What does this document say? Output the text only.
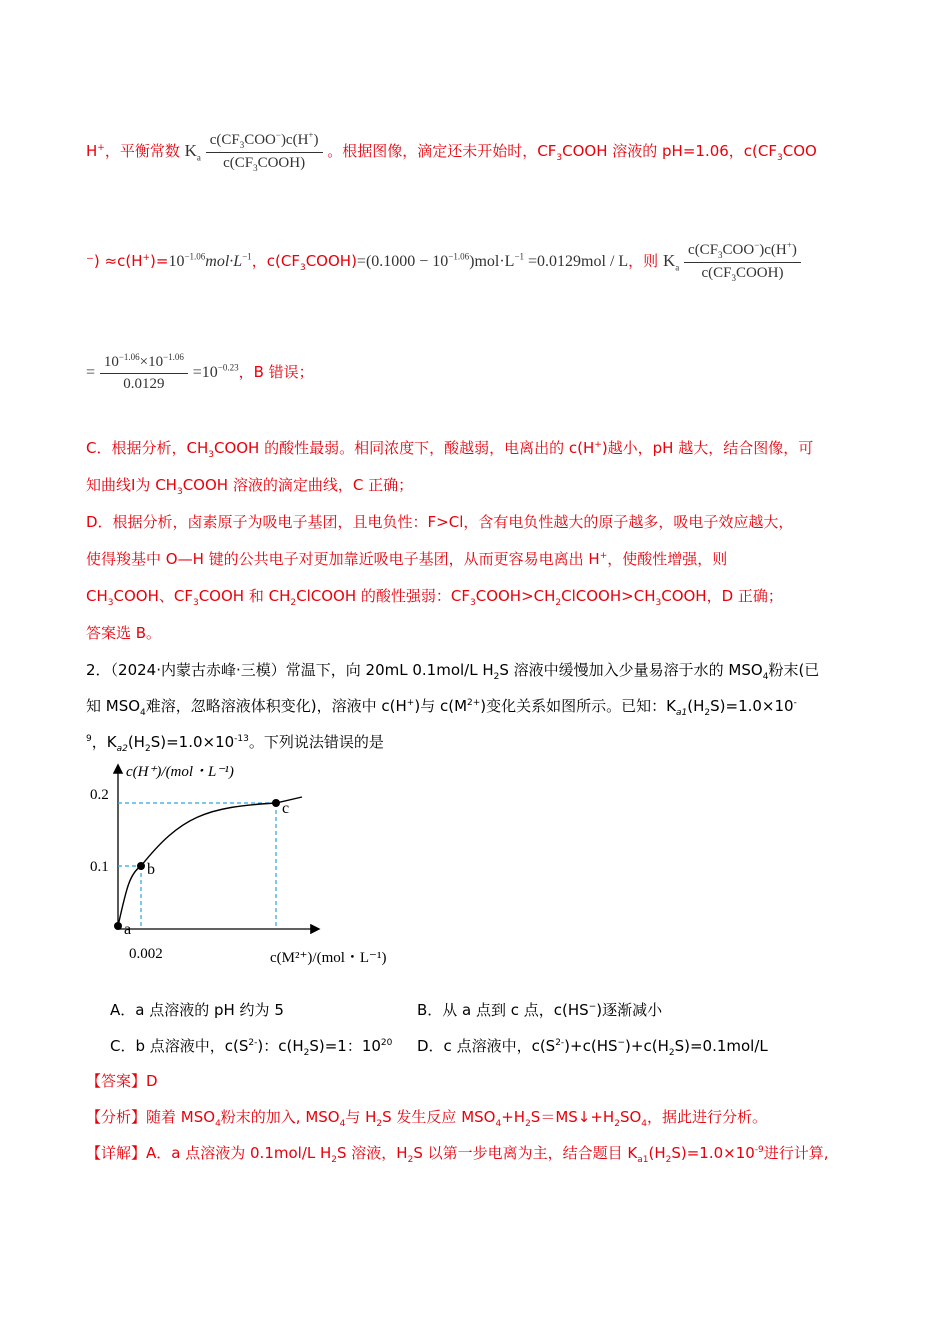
H+，平衡常数 $K_a \frac{c(CF_3COO^-)c(H^+)}{c(CF_3COOH)}$ 。根据图像，滴定还未开始时，$CF_3COOH$ 溶液的 pH=1.06，$c(CF_3COO$
⁻) $\approx c(H^+)=10^{-1.06}mol\cdot L^{-1}$，$c(CF_3COOH)=(0.1000 - 10^{-1.06})mol\cdot L^{-1} =0.0129mol / L$，则 $K_a \frac{c(CF_3COO^-)c(H^+)}{c(CF_3COOH)}$
= $\frac{10^{-1.06}\times 10^{-1.06}}{0.0129} =10^{-0.23}$，B 错误；
C．根据分析，$CH_3COOH$ 的酸性最弱。相同浓度下，酸越弱，电离出的 c(H+)越小，pH 越大，结合图像，可
知曲线Ⅰ为 $CH_3COOH$ 溶液的滴定曲线，C 正确；
D．根据分析，卤素原子为吸电子基团，且电负性：F>Cl，含有电负性越大的原子越多，吸电子效应越大，
使得羧基中 O—H 键的公共电子对更加靠近吸电子基团，从而更容易电离出 H+，使酸性增强，则
$CH_3COOH$、$CF_3COOH$ 和 $CH_2ClCOOH$ 的酸性强弱：$CF_3COOH>CH_2ClCOOH>CH_3COOH$，D 正确；
答案选 B。
2．（2024·内蒙古赤峰·三模）常温下，向 20mL 0.1mol/L $H_2S$ 溶液中缓慢加入少量易溶于水的 $MSO_4$粉末(已
知 $MSO_4$难溶，忽略溶液体积变化)，溶液中 c(H+)与 $c(M^{2+})$变化关系如图所示。已知：$K_{a1}(H_2S)=1.0\times 10^-$
$^9$，$K_{a2}(H_2S)=1.0\times 10^{-13}$。下列说法错误的是
a
b
c
c(H⁺)/(mol・L⁻¹)
c(M²⁺)/(mol・L⁻¹)
0.2
0.1
0.002
A．a 点溶液的 pH 约为 5	B．从 a 点到 c 点，c(HS−)逐渐减小
C．b 点溶液中，$c(S^{2-})$：$c(H_2S)=1$：$10^{20}$ D．c 点溶液中，$c(S^{2-})+c(HS^-)+c(H_2S)=0.1mol/L$
【答案】D
【分析】随着 $MSO_4$粉末的加入, $MSO_4$与 $H_2S$ 发生反应 $MSO_4+H_2S=MS↓+H_2SO_4$，据此进行分析。
【详解】A．a 点溶液为 0.1mol/L $H_2S$ 溶液，$H_2S$ 以第一步电离为主，结合题目 $K_{a1}(H_2S)=1.0\times 10^{-9}$进行计算,
